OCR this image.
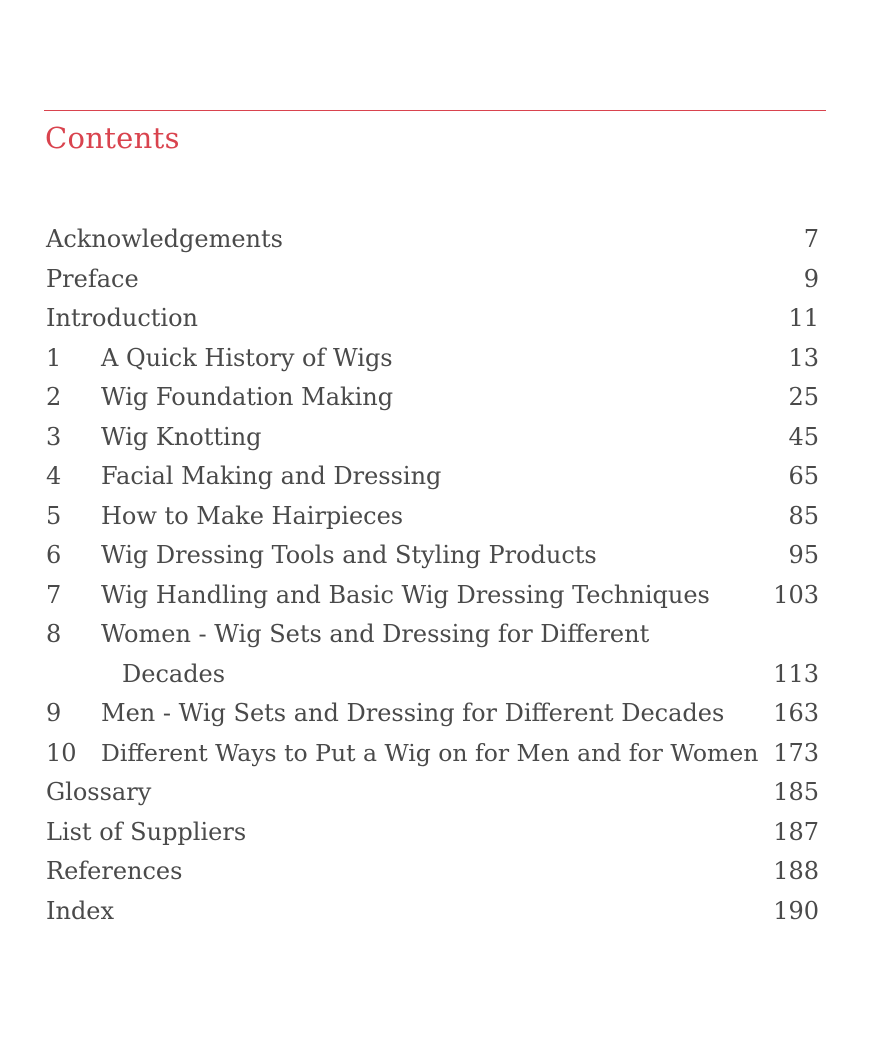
Contents
Acknowledgements	7
Preface	9
Introduction	11
1 A Quick History of Wigs	13
2 Wig Foundation Making	25
3 Wig Knotting	45
4 Facial Making and Dressing	65
5 How to Make Hairpieces	85
6 Wig Dressing Tools and Styling Products	95
7 Wig Handling and Basic Wig Dressing Techniques	103
8 Women - Wig Sets and Dressing for Different
Decades	113
9 Men - Wig Sets and Dressing for Different Decades 163
10 Different Ways to Put a Wig on for Men and for Women 173
Glossary	185
List of Suppliers	187
References	188
Index	190
